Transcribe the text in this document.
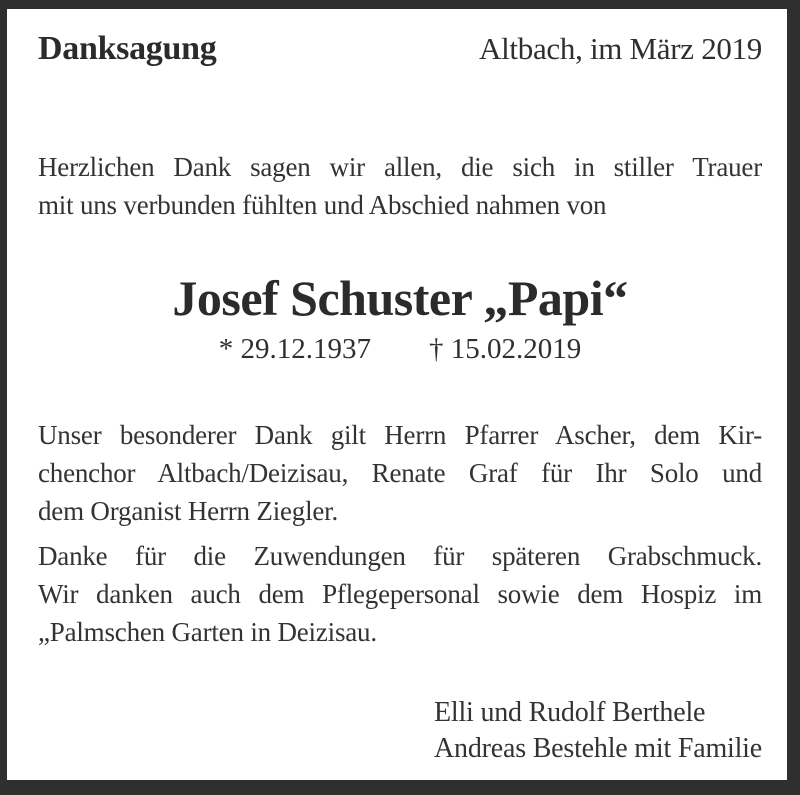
Danksagung	Altbach, im März 2019
Herzlichen Dank sagen wir allen, die sich in stiller Trauer
mit uns verbunden fühlten und Abschied nahmen von
Josef Schuster „Papi“
* 29.12.1937 † 15.02.2019
Unser besonderer Dank gilt Herrn Pfarrer Ascher, dem Kir-
chenchor Altbach/Deizisau, Renate Graf für Ihr Solo und
dem Organist Herrn Ziegler.
Danke für die Zuwendungen für späteren Grabschmuck.
Wir danken auch dem Pflegepersonal sowie dem Hospiz im
„Palmschen Garten in Deizisau.
Elli und Rudolf Berthele
Andreas Bestehle mit Familie
